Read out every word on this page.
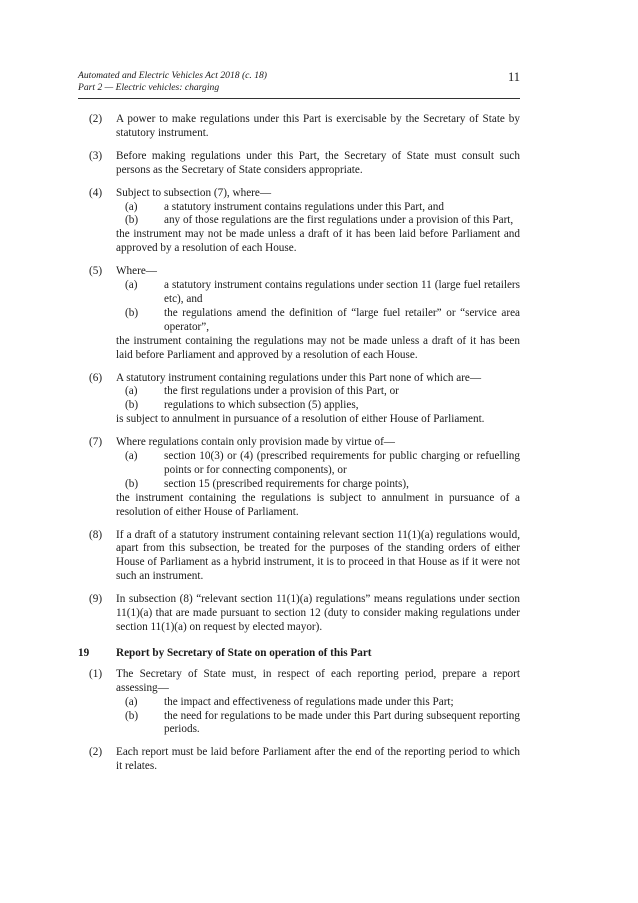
Automated and Electric Vehicles Act 2018 (c. 18)
Part 2 — Electric vehicles: charging
11
(2)	A power to make regulations under this Part is exercisable by the Secretary of State by statutory instrument.
(3)	Before making regulations under this Part, the Secretary of State must consult such persons as the Secretary of State considers appropriate.
(4)	Subject to subsection (7), where—
(a) a statutory instrument contains regulations under this Part, and
(b) any of those regulations are the first regulations under a provision of this Part,
the instrument may not be made unless a draft of it has been laid before Parliament and approved by a resolution of each House.
(5)	Where—
(a) a statutory instrument contains regulations under section 11 (large fuel retailers etc), and
(b) the regulations amend the definition of “large fuel retailer” or “service area operator”,
the instrument containing the regulations may not be made unless a draft of it has been laid before Parliament and approved by a resolution of each House.
(6)	A statutory instrument containing regulations under this Part none of which are—
(a) the first regulations under a provision of this Part, or
(b) regulations to which subsection (5) applies,
is subject to annulment in pursuance of a resolution of either House of Parliament.
(7)	Where regulations contain only provision made by virtue of—
(a) section 10(3) or (4) (prescribed requirements for public charging or refuelling points or for connecting components), or
(b) section 15 (prescribed requirements for charge points),
the instrument containing the regulations is subject to annulment in pursuance of a resolution of either House of Parliament.
(8)	If a draft of a statutory instrument containing relevant section 11(1)(a) regulations would, apart from this subsection, be treated for the purposes of the standing orders of either House of Parliament as a hybrid instrument, it is to proceed in that House as if it were not such an instrument.
(9)	In subsection (8) “relevant section 11(1)(a) regulations” means regulations under section 11(1)(a) that are made pursuant to section 12 (duty to consider making regulations under section 11(1)(a) on request by elected mayor).
19 Report by Secretary of State on operation of this Part
(1)	The Secretary of State must, in respect of each reporting period, prepare a report assessing—
(a) the impact and effectiveness of regulations made under this Part;
(b) the need for regulations to be made under this Part during subsequent reporting periods.
(2)	Each report must be laid before Parliament after the end of the reporting period to which it relates.
